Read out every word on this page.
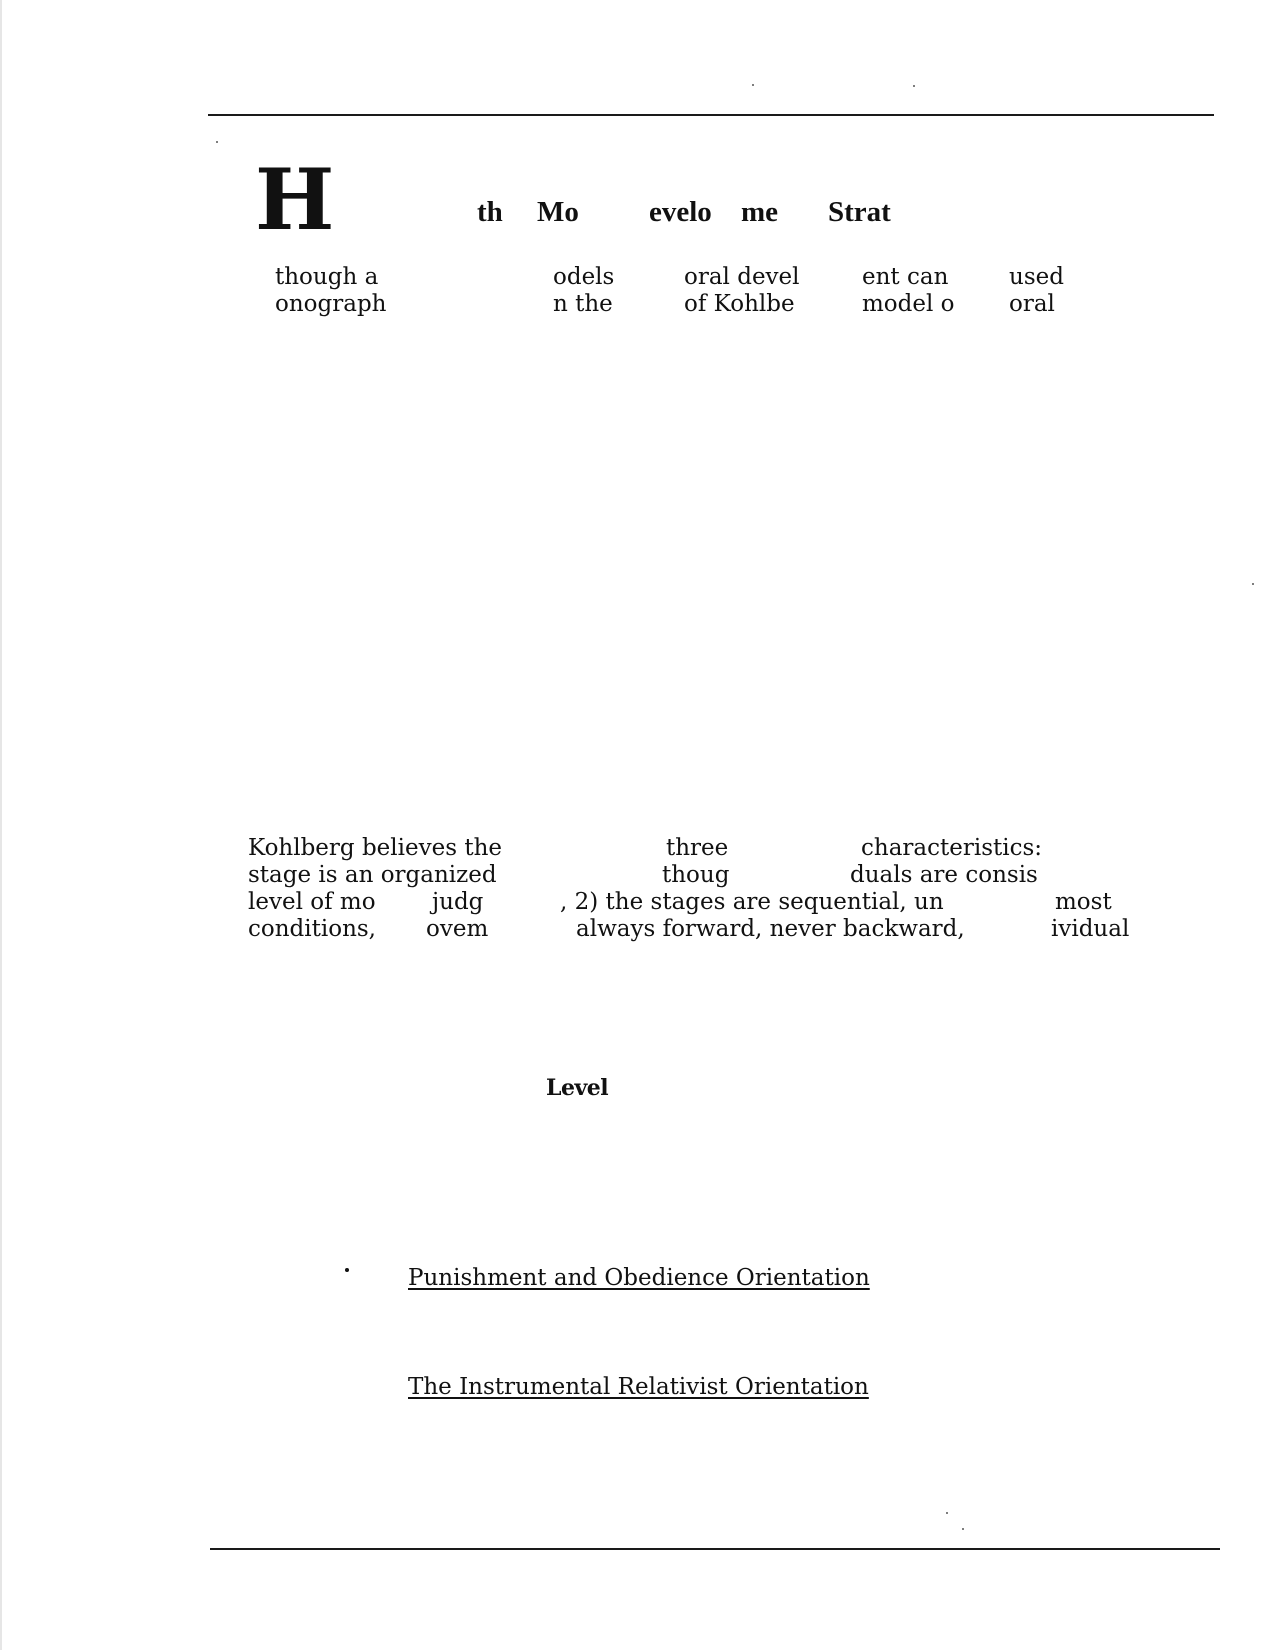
H	th Mo evelo me Strat
though a	odels	oral devel	ent can	used
onograph	n the	of Kohlbe	model o oral
Kohlberg believes the	three	characteristics:
stage is an organized	thoug	duals are consis
level of mo judg	, 2) the stages are sequential, un	most
conditions, ovem	always forward, never backward,	ividual
Level
Punishment and Obedience Orientation
The Instrumental Relativist Orientation
